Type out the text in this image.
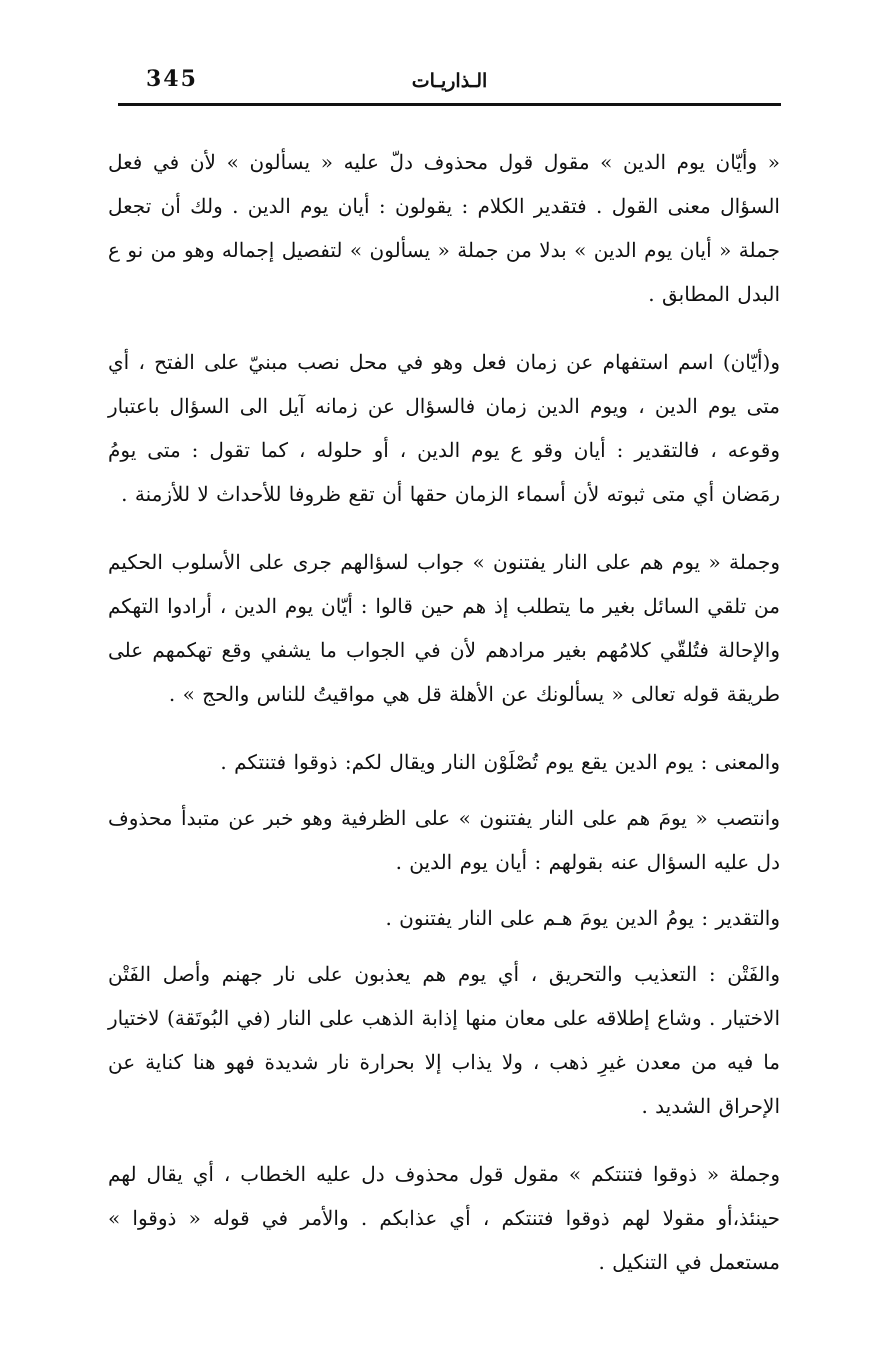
345	الـذاريـات

« وأيّان يوم الدين » مقول قول محذوف دلّ عليه « يسألون » لأن في فعل السؤال معنى القول . فتقدير الكلام : يقولون : أيان يوم الدين . ولك أن تجعل جملة « أيان يوم الدين » بدلا من جملة « يسألون » لتفصيل إجماله وهو من نو ع البدل المطابق .

و(أيّان) اسم استفهام عن زمان فعل وهو في محل نصب مبنيّ على الفتح ، أي متى يوم الدين ، ويوم الدين زمان فالسؤال عن زمانه آيل الى السؤال باعتبار وقوعه ، فالتقدير : أيان وقو ع يوم الدين ، أو حلوله ، كما تقول : متى يومُ رمَضان أي متى ثبوته لأن أسماء الزمان حقها أن تقع ظروفا للأحداث لا للأزمنة .

وجملة « يوم هم على النار يفتنون » جواب لسؤالهم جرى على الأسلوب الحكيم من تلقي السائل بغير ما يتطلب إذ هم حين قالوا : أيّان يوم الدين ، أرادوا التهكم والإحالة فتُلقّي كلامُهم بغير مرادهم لأن في الجواب ما يشفي وقع تهكمهم على طريقة قوله تعالى « يسألونك عن الأهلة قل هي مواقيتُ للناس والحج » .

والمعنى : يوم الدين يقع يوم تُصْلَوْن النار ويقال لكم: ذوقوا فتنتكم .

وانتصب « يومَ هم على النار يفتنون » على الظرفية وهو خبر عن متبدأ محذوف دل عليه السؤال عنه بقولهم : أيان يوم الدين .

والتقدير : يومُ الدين يومَ هـم على النار يفتنون .

والفَتْن : التعذيب والتحريق ، أي يوم هم يعذبون على نار جهنم وأصل الفَتْن الاختيار . وشاع إطلاقه على معان منها إذابة الذهب على النار (في البُوتَقة) لاختيار ما فيه من معدن غيرِ ذهب ، ولا يذاب إلا بحرارة نار شديدة فهو هنا كناية عن الإحراق الشديد .

وجملة « ذوقوا فتنتكم » مقول قول محذوف دل عليه الخطاب ، أي يقال لهم حينئذ،أو مقولا لهم ذوقوا فتنتكم ، أي عذابكم . والأمر في قوله « ذوقوا » مستعمل في التنكيل .
